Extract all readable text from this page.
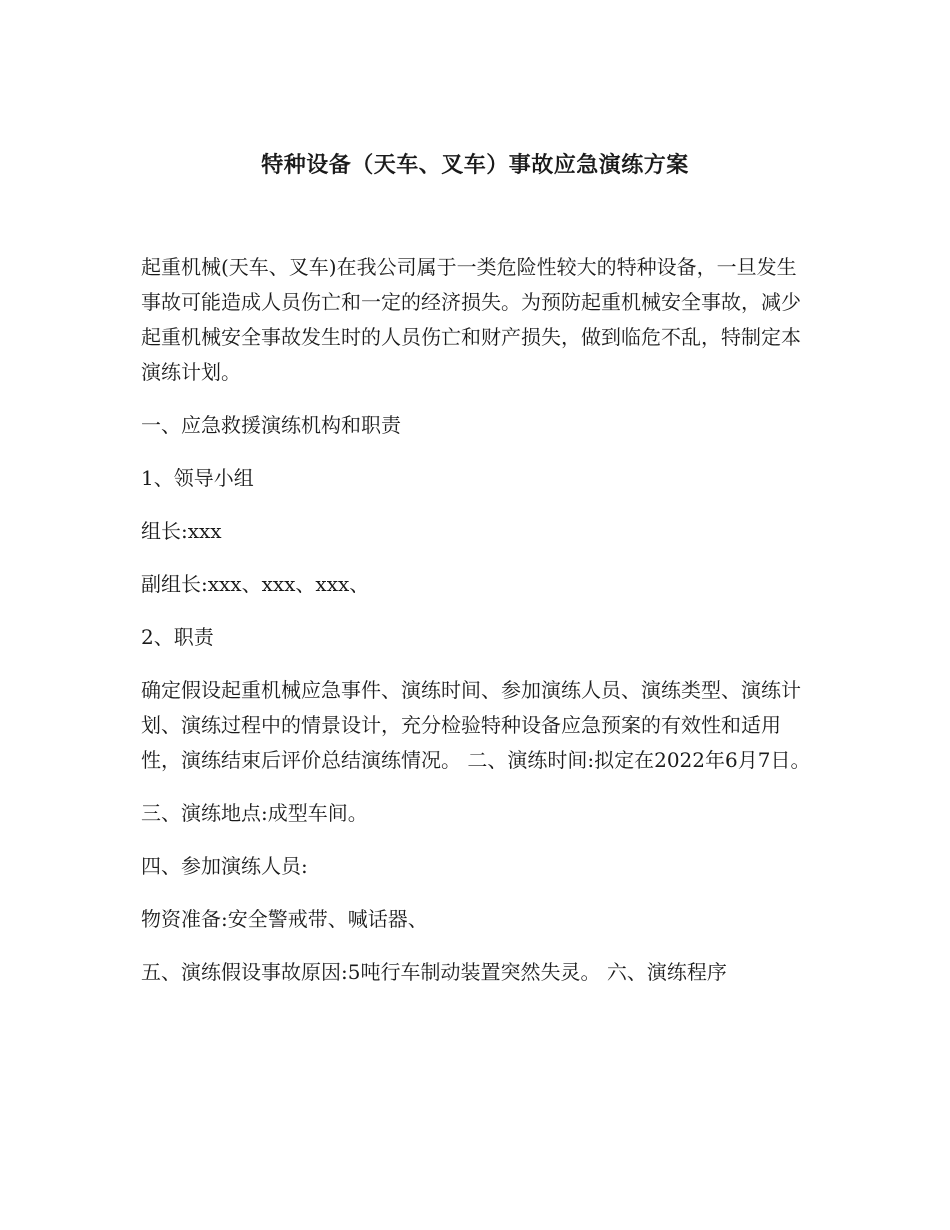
特种设备（天车、叉车）事故应急演练方案

起重机械(天车、叉车)在我公司属于一类危险性较大的特种设备，一旦发生事故可能造成人员伤亡和一定的经济损失。为预防起重机械安全事故，减少起重机械安全事故发生时的人员伤亡和财产损失，做到临危不乱，特制定本演练计划。

一、应急救援演练机构和职责

1、领导小组

组长:xxx

副组长:xxx、xxx、xxx、

2、职责

确定假设起重机械应急事件、演练时间、参加演练人员、演练类型、演练计划、演练过程中的情景设计，充分检验特种设备应急预案的有效性和适用性，演练结束后评价总结演练情况。 二、演练时间:拟定在2022年6月7日。

三、演练地点:成型车间。

四、参加演练人员:

物资准备:安全警戒带、喊话器、

五、演练假设事故原因:5吨行车制动装置突然失灵。 六、演练程序
